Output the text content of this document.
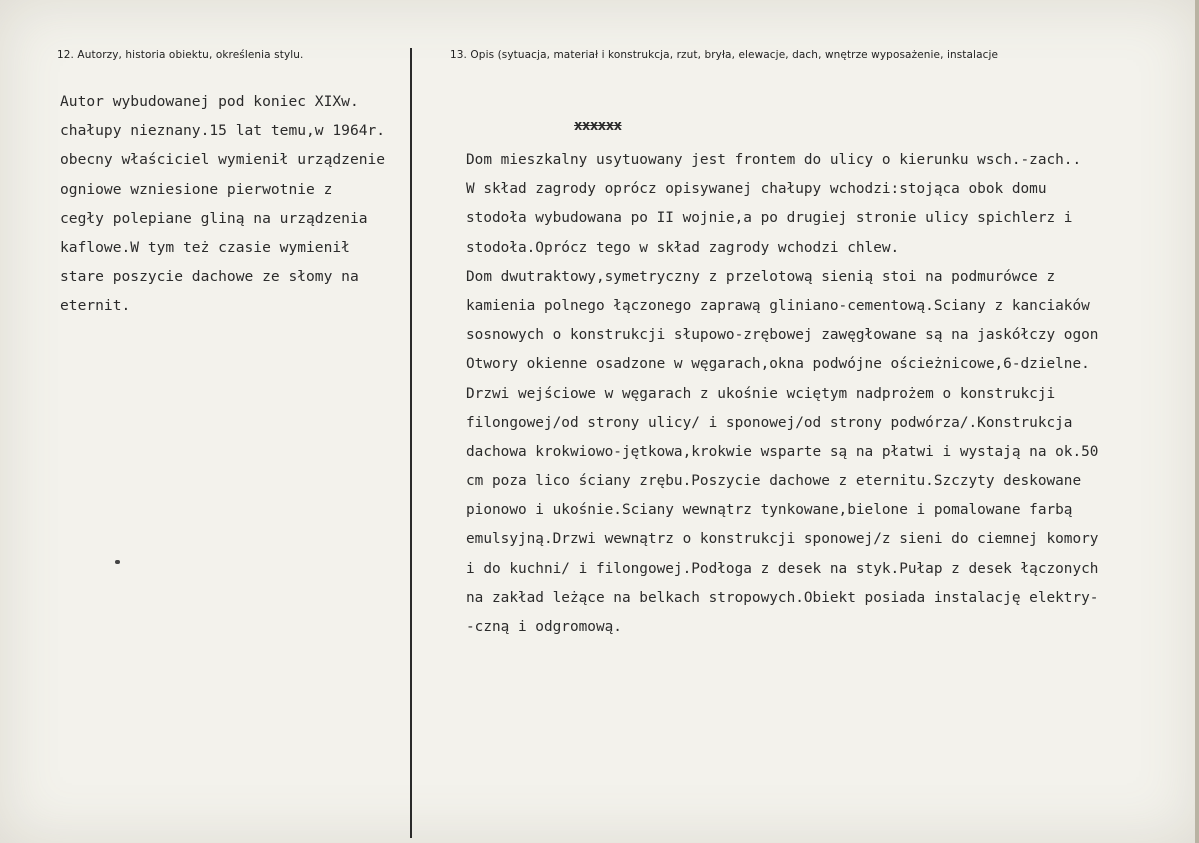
12. Autorzy, historia obiektu, określenia stylu.	13. Opis (sytuacja, materiał i konstrukcja, rzut, bryła, elewacje, dach, wnętrze wyposażenie, instalacje
Autor wybudowanej pod koniec XIXw.
chałupy nieznany.15 lat temu,w 1964r.
obecny właściciel wymienił urządzenie
ogniowe wzniesione pierwotnie z
cegły polepiane gliną na urządzenia
kaflowe.W tym też czasie wymienił
stare poszycie dachowe ze słomy na
eternit.
xxxxxx
Dom mieszkalny usytuowany jest frontem do ulicy o kierunku wsch.-zach..
W skład zagrody oprócz opisywanej chałupy wchodzi:stojąca obok domu
stodoła wybudowana po II wojnie,a po drugiej stronie ulicy spichlerz i
stodoła.Oprócz tego w skład zagrody wchodzi chlew.
Dom dwutraktowy,symetryczny z przelotową sienią stoi na podmurówce z
kamienia polnego łączonego zaprawą gliniano-cementową.Sciany z kanciaków
sosnowych o konstrukcji słupowo-zrębowej zawęgłowane są na jaskółczy ogon
Otwory okienne osadzone w węgarach,okna podwójne ościeżnicowe,6-dzielne.
Drzwi wejściowe w węgarach z ukośnie wciętym nadprożem o konstrukcji
filongowej/od strony ulicy/ i sponowej/od strony podwórza/.Konstrukcja
dachowa krokwiowo-jętkowa,krokwie wsparte są na płatwi i wystają na ok.50
cm poza lico ściany zrębu.Poszycie dachowe z eternitu.Szczyty deskowane
pionowo i ukośnie.Sciany wewnątrz tynkowane,bielone i pomalowane farbą
emulsyjną.Drzwi wewnątrz o konstrukcji sponowej/z sieni do ciemnej komory
i do kuchni/ i filongowej.Podłoga z desek na styk.Pułap z desek łączonych
na zakład leżące na belkach stropowych.Obiekt posiada instalację elektry-
-czną i odgromową.
